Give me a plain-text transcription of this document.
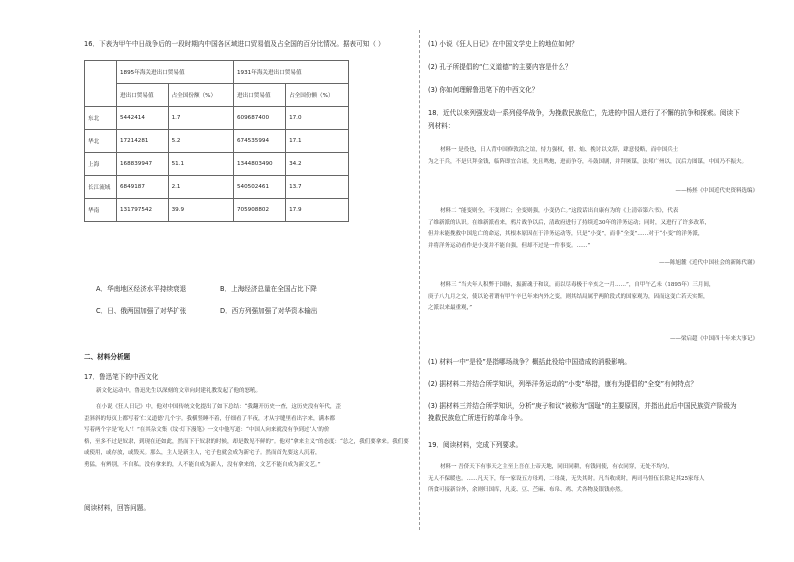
16．下表为甲午中日战争后的一段时期内中国各区域进口贸易值及占全国的百分比情况。据表可知（ ）
	1895年海关进出口贸易值		1931年海关进出口贸易值	
	进出口贸易值	占全国份额（%）	进出口贸易值	占全国份额（%）
东北	5442414	1.7	609687400	17.0
华北	17214281	5.2	674535994	17.1
上海	168839947	51.1	1344803490	34.2
长江流域	6849187	2.1	540502461	13.7
华南	131797542	39.9	705908802	17.9
A．华南地区经济水平持续衰退	B．上海经济总量在全国占比下降
C．日、俄两国加强了对华扩张	D．西方列强加强了对华资本输出
二、材料分析题
17．鲁迅笔下的中西文化
新文化运动中，鲁迅先生以深刻的文章向封建礼教发起了他的怒吼。
在小说《狂人日记》中，他对中国传统文化提出了如下总结：“我翻开历史一查，这历史没有年代，歪
歪斜斜的每页上都写着‘仁义道德’几个字。我横竖睡不着，仔细看了半夜，才从字缝里看出字来，满本都
写着两个字是‘吃人’！”在其杂文集《坟·灯下漫笔》一文中他写道：“中国人向来就没有争到过‘人’的价
格，至多不过是奴隶，到现在还如此，然而下于奴隶的时候，却是数见不鲜的”。他对“拿来主义”的态度：“总之，我们要拿来。我们要
或使用，或存放，或毁灭。那么，主人是新主人，宅子也就会成为新宅子。然而首先要这人沉着，
勇猛，有辨别，不自私。没有拿来的，人不能自成为新人，没有拿来的，文艺不能自成为新文艺。”
阅读材料，回答问题。
(1) 小说《狂人日记》在中国文学史上的地位如何？
(2) 孔子所提倡的“仁义道德”的主要内容是什么？
(3) 你如何理解鲁迅笔下的中西文化？
18．近代以来列强发动一系列侵华战争，为挽救民族危亡，先进的中国人进行了不懈的抗争和探索。阅读下
列材料：
材料一 是役也，日人背中国修敦洽之谊，恃力强权，借、灿、挽讨以文辞，肆意侵略，而中国兵士
为之于兵，不是只拜金钱，临阵即宜合诸，先且鸣炮，进而争夺，斗鼓国剧，并拜厥谋，法邦广州以，汉后力图谋，中国乃不振夫。
——杨拯《中国近代史资料选编》
材料二 “能变则全，不变则亡；全变则强，小变仍亡。”这段话出自康有为的《上清帝第六书》，代表
了维新派的认识。在维新派看来，鸦片战争以后，清政府进行了持续近30年的洋务运动；同时，又进行了许多改革，
但并未能挽救中国危亡的命运，其根本原因在于洋务运动等，只是“小变”，而非“全变”……对于“小变”的洋务派，
并将洋务运动看作是小变并不能自强，但却不过是一件事变。……”
——陈旭麓《近代中国社会的新陈代谢》
材料三 “当夫年人积弊于国脉，振新魂于和议，而以尽毒极于辛亥之一月……”，自甲午乙未（1895年）三月间，
庚子八九月之交，使以论者谓有甲午辛巳年来内外之变，则其结局属乎两阶段式的国家观为，因而这变亡若天实斯，
之派以来最重观，”
——梁启超《中国四十年来大事记》
(1) 材料一中“是役”是指哪场战争？概括此役给中国造成的消极影响。
(2) 据材料二并结合所学知识，列举洋务运动的“小变”举措，康有为提倡的“全变”有何特点？
(3) 据材料三并结合所学知识，分析“庚子和议”被称为“国耻”的主要原因，并指出此后中国民族资产阶级为
挽救民族危亡所进行的革命斗争。
19．阅读材料，完成下列要求。
材料一 吾侪天下有事天之主至上吾在上帝天地，同田同耕，有钱同使，有衣同穿，无处不均匀，
无人不保暖也。……凡天下，每一家设五方母鸡，二母彘，无失其时。凡当收成时，两司马督伍长除足其25家每人
所食可接新谷外，余则归国库，凡麦、豆、苎麻、布帛、鸡、犬各物及银钱亦然。
